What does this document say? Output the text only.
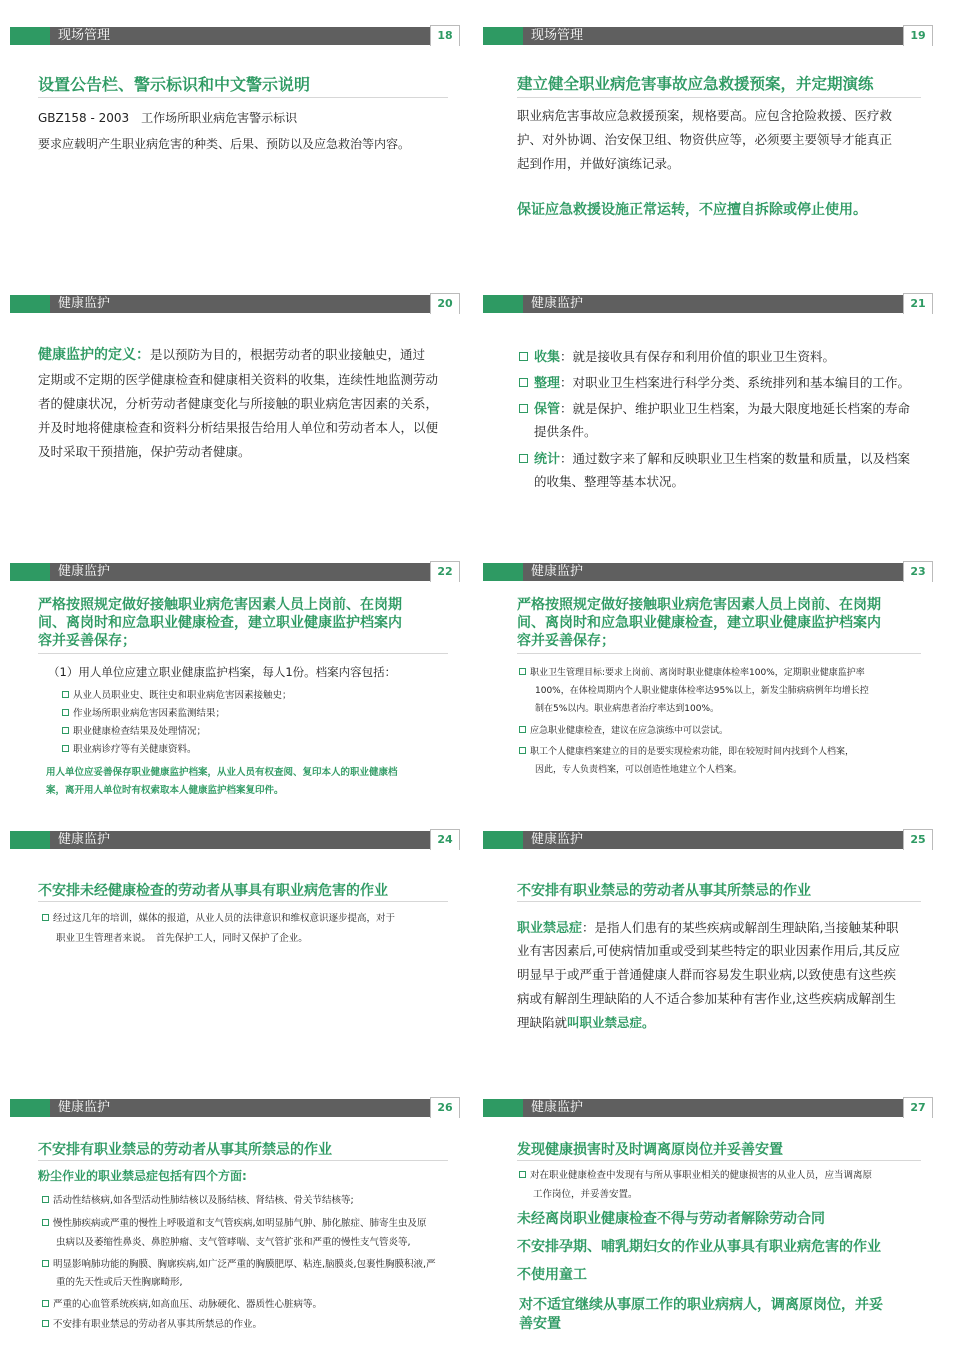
现场管理	18

设置公告栏、警示标识和中文警示说明

GBZ158 - 2003　工作场所职业病危害警示标识

要求应载明产生职业病危害的种类、后果、预防以及应急救治等内容。

现场管理	19

建立健全职业病危害事故应急救援预案，并定期演练

职业病危害事故应急救援预案，规格要高。应包含抢险救援、医疗救

护、对外协调、治安保卫组、物资供应等，必须要主要领导才能真正

起到作用，并做好演练记录。

保证应急救援设施正常运转，不应擅自拆除或停止使用。

健康监护	20

健康监护的定义：是以预防为目的，根据劳动者的职业接触史，通过

定期或不定期的医学健康检查和健康相关资料的收集，连续性地监测劳动

者的健康状况，分析劳动者健康变化与所接触的职业病危害因素的关系，

并及时地将健康检查和资料分析结果报告给用人单位和劳动者本人，以便

及时采取干预措施，保护劳动者健康。

健康监护	21

收集：就是接收具有保存和利用价值的职业卫生资料。

整理：对职业卫生档案进行科学分类、系统排列和基本编目的工作。

保管：就是保护、维护职业卫生档案，为最大限度地延长档案的寿命

提供条件。

统计：通过数字来了解和反映职业卫生档案的数量和质量，以及档案

的收集、整理等基本状况。

健康监护	22

严格按照规定做好接触职业病危害因素人员上岗前、在岗期

间、离岗时和应急职业健康检查，建立职业健康监护档案内

容并妥善保存；

（1）用人单位应建立职业健康监护档案，每人1份。档案内容包括：

从业人员职业史、既往史和职业病危害因素接触史；

作业场所职业病危害因素监测结果；

职业健康检查结果及处理情况；

职业病诊疗等有关健康资料。

用人单位应妥善保存职业健康监护档案，从业人员有权查阅、复印本人的职业健康档

案，离开用人单位时有权索取本人健康监护档案复印件。

健康监护	23

严格按照规定做好接触职业病危害因素人员上岗前、在岗期

间、离岗时和应急职业健康检查，建立职业健康监护档案内

容并妥善保存；

职业卫生管理目标:要求上岗前、离岗时职业健康体检率100%，定期职业健康监护率

100%，在体检周期内个人职业健康体检率达95%以上，新发尘肺病病例年均增长控

制在5%以内。职业病患者治疗率达到100%。

应急职业健康检查，建议在应急演练中可以尝试。

职工个人健康档案建立的目的是要实现检索功能，即在较短时间内找到个人档案，

因此，专人负责档案，可以创造性地建立个人档案。

健康监护	24

不安排未经健康检查的劳动者从事具有职业病危害的作业

经过这几年的培训，媒体的报道，从业人员的法律意识和维权意识逐步提高，对于

职业卫生管理者来说。　首先保护工人，同时又保护了企业。

健康监护	25

不安排有职业禁忌的劳动者从事其所禁忌的作业

职业禁忌症：是指人们患有的某些疾病或解剖生理缺陷,当接触某种职

业有害因素后,可使病情加重或受到某些特定的职业因素作用后,其反应

明显早于或严重于普通健康人群而容易发生职业病,以致使患有这些疾

病或有解剖生理缺陷的人不适合参加某种有害作业,这些疾病成解剖生

理缺陷就叫职业禁忌症。

健康监护	26

不安排有职业禁忌的劳动者从事其所禁忌的作业

粉尘作业的职业禁忌症包括有四个方面:

活动性结核病,如各型活动性肺结核以及肠结核、肾结核、骨关节结核等;

慢性肺疾病或严重的慢性上呼吸道和支气管疾病,如明显肺气肿、肺化脓症、肺寄生虫及原

虫病以及萎缩性鼻炎、鼻腔肿瘤、支气管哮喘、支气管扩张和严重的慢性支气管炎等,

明显影响肺功能的胸膜、胸廓疾病,如广泛严重的胸膜肥厚、粘连,脑膜炎,包裹性胸膜积液,严

重的先天性或后天性胸廓畸形,

严重的心血管系统疾病,如高血压、动脉硬化、器质性心脏病等。

不安排有职业禁忌的劳动者从事其所禁忌的作业。

健康监护	27

发现健康损害时及时调离原岗位并妥善安置

对在职业健康检查中发现有与所从事职业相关的健康损害的从业人员，应当调离原

工作岗位，并妥善安置。

未经离岗职业健康检查不得与劳动者解除劳动合同

不安排孕期、哺乳期妇女的作业从事具有职业病危害的作业

不使用童工

对不适宜继续从事原工作的职业病病人，调离原岗位，并妥

善安置
